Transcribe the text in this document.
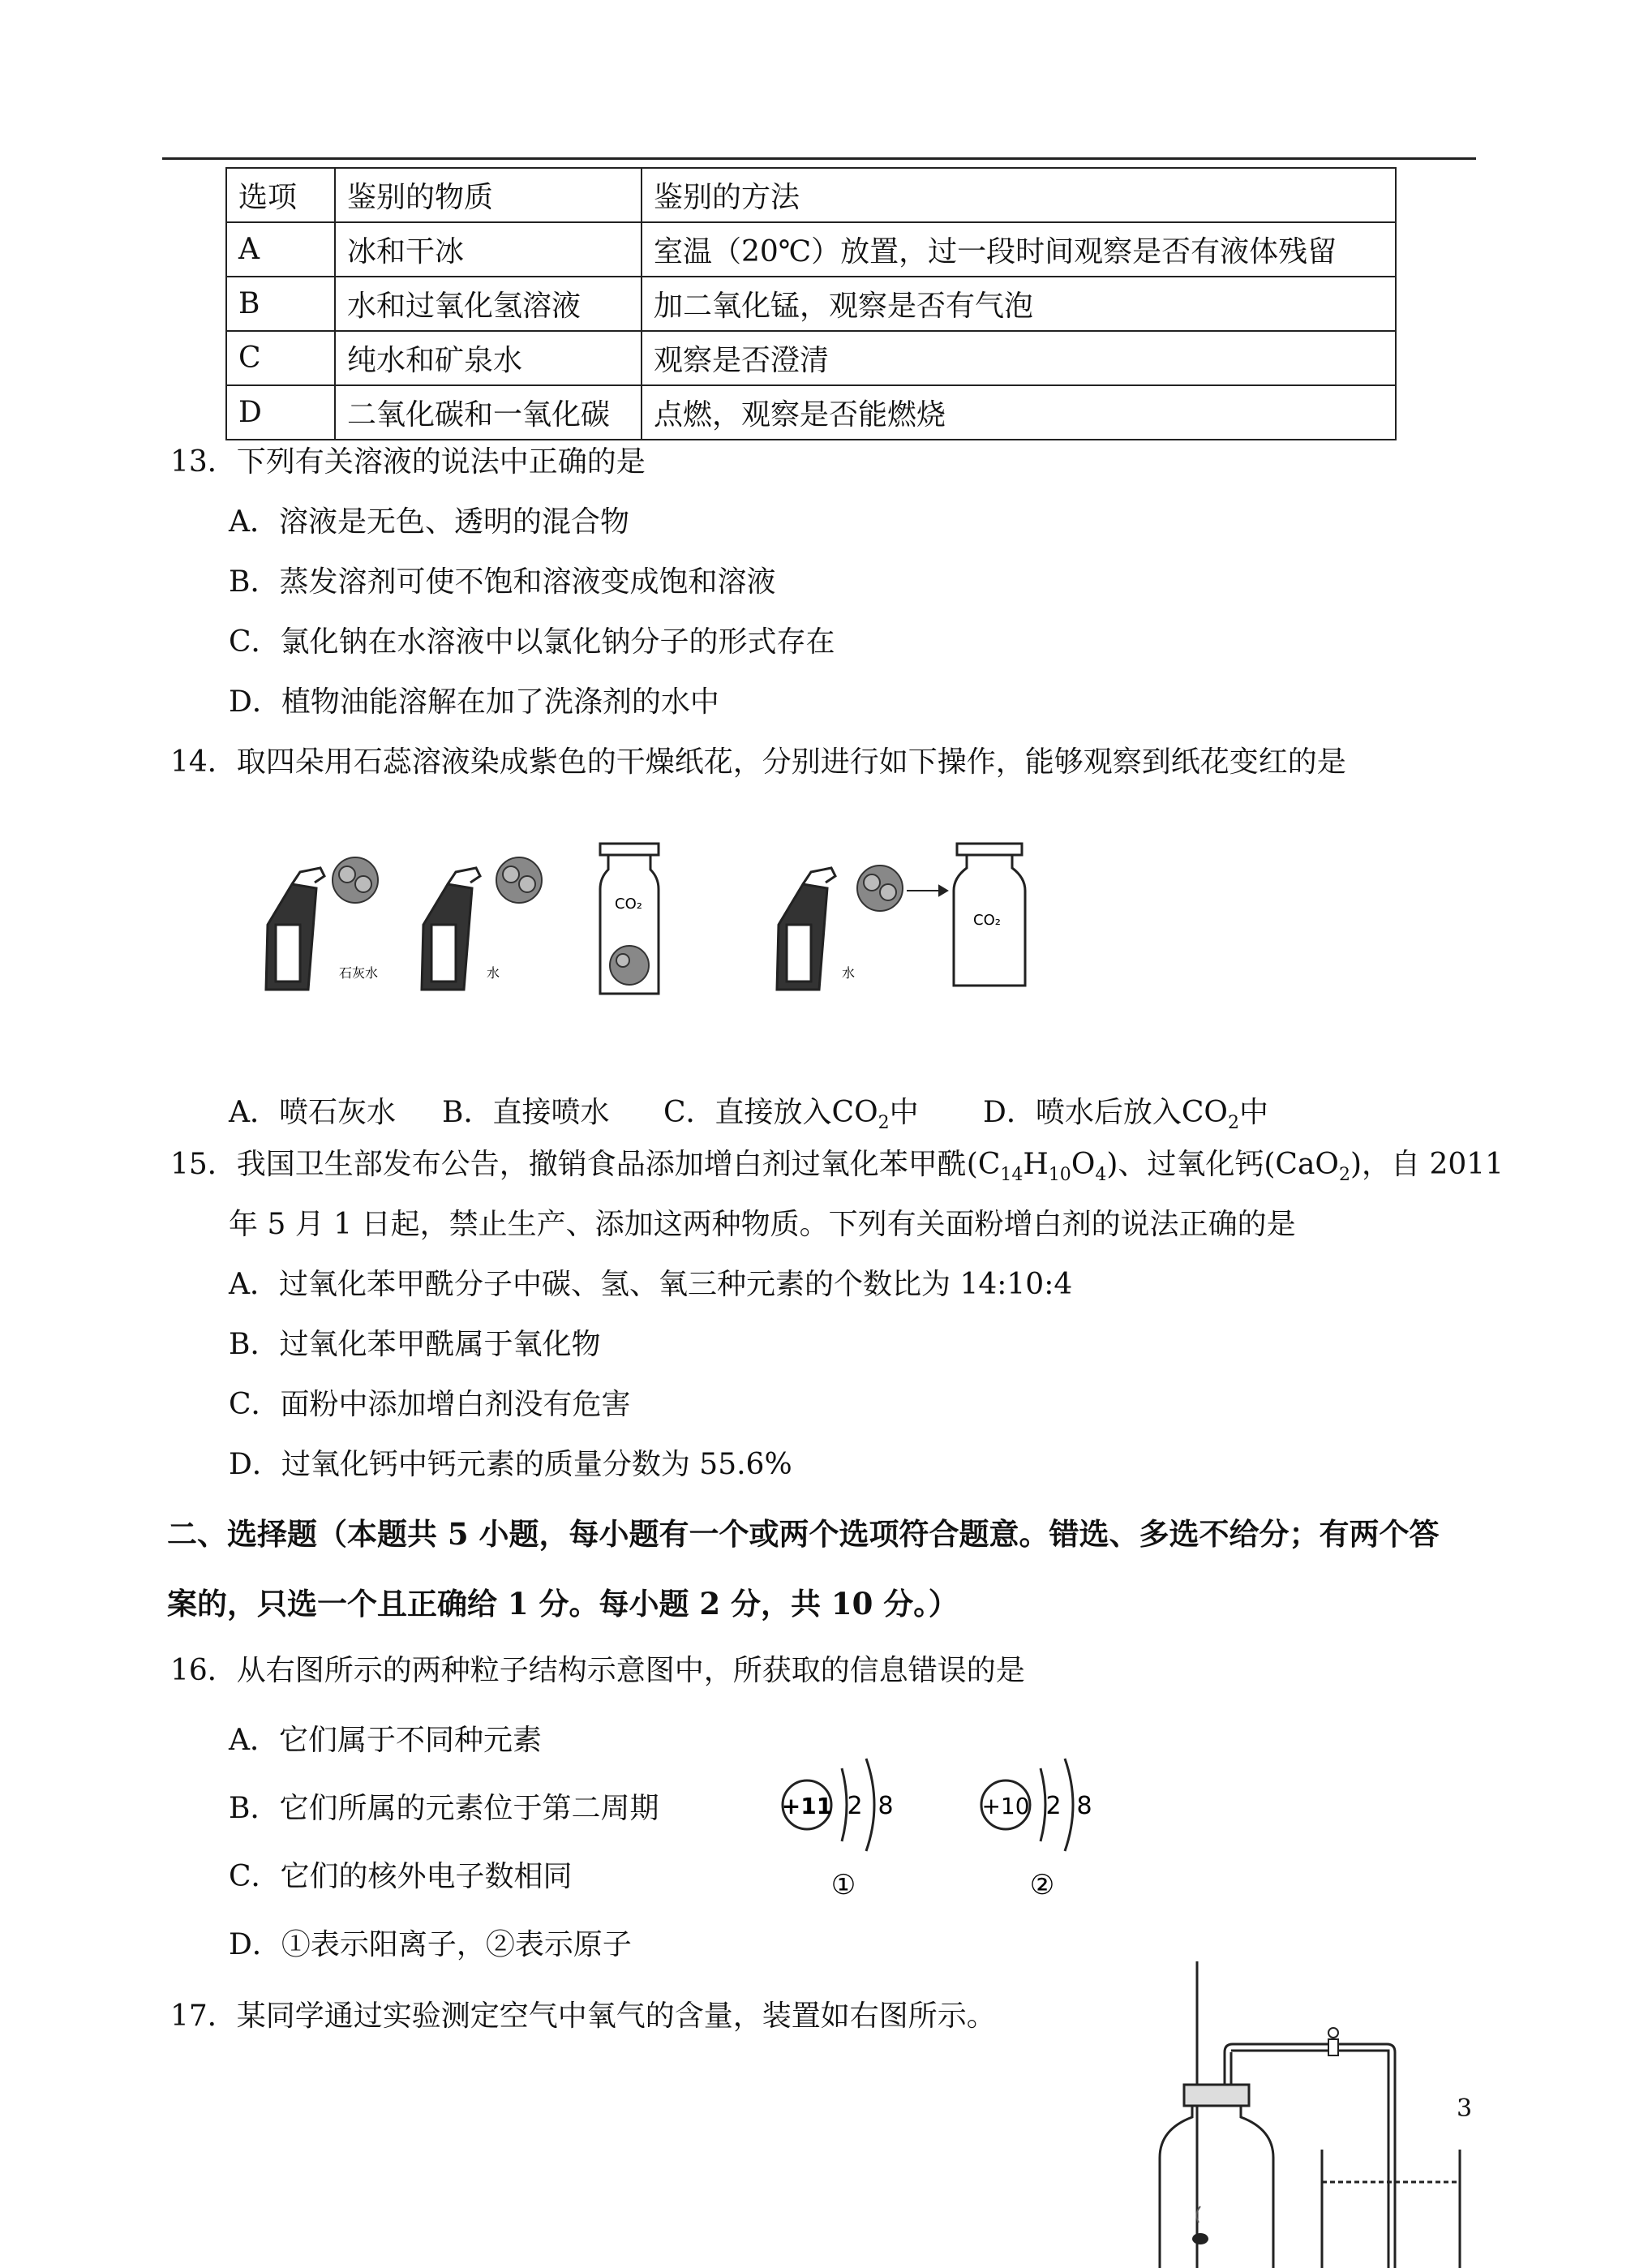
选项	鉴别的物质	鉴别的方法
A	冰和干冰	室温（20℃）放置，过一段时间观察是否有液体残留
B	水和过氧化氢溶液	加二氧化锰，观察是否有气泡
C	纯水和矿泉水	观察是否澄清
D	二氧化碳和一氧化碳	点燃，观察是否能燃烧
13．下列有关溶液的说法中正确的是
A．溶液是无色、透明的混合物
B．蒸发溶剂可使不饱和溶液变成饱和溶液
C．氯化钠在水溶液中以氯化钠分子的形式存在
D．植物油能溶解在加了洗涤剂的水中
14．取四朵用石蕊溶液染成紫色的干燥纸花，分别进行如下操作，能够观察到纸花变红的是
石灰水	水
CO₂
水
CO₂
A．喷石灰水 B．直接喷水 C．直接放入$CO_2$中 D．喷水后放入$CO_2$中
15．我国卫生部发布公告，撤销食品添加增白剂过氧化苯甲酰$(C_{14}H_{10}O_4)$、过氧化钙(CaO$_2$)，自 2011
年 5 月 1 日起，禁止生产、添加这两种物质。下列有关面粉增白剂的说法正确的是
A．过氧化苯甲酰分子中碳、氢、氧三种元素的个数比为 14:10:4
B．过氧化苯甲酰属于氧化物
C．面粉中添加增白剂没有危害
D．过氧化钙中钙元素的质量分数为 55.6%
二、选择题（本题共 5 小题，每小题有一个或两个选项符合题意。错选、多选不给分；有两个答
案的，只选一个且正确给 1 分。每小题 2 分，共 10 分。）
16．从右图所示的两种粒子结构示意图中，所获取的信息错误的是
A．它们属于不同种元素
B．它们所属的元素位于第二周期
C．它们的核外电子数相同
D．①表示阳离子，②表示原子
+11 2 8
①
+10 2 8
②
17．某同学通过实验测定空气中氧气的含量，装置如右图所示。
3
